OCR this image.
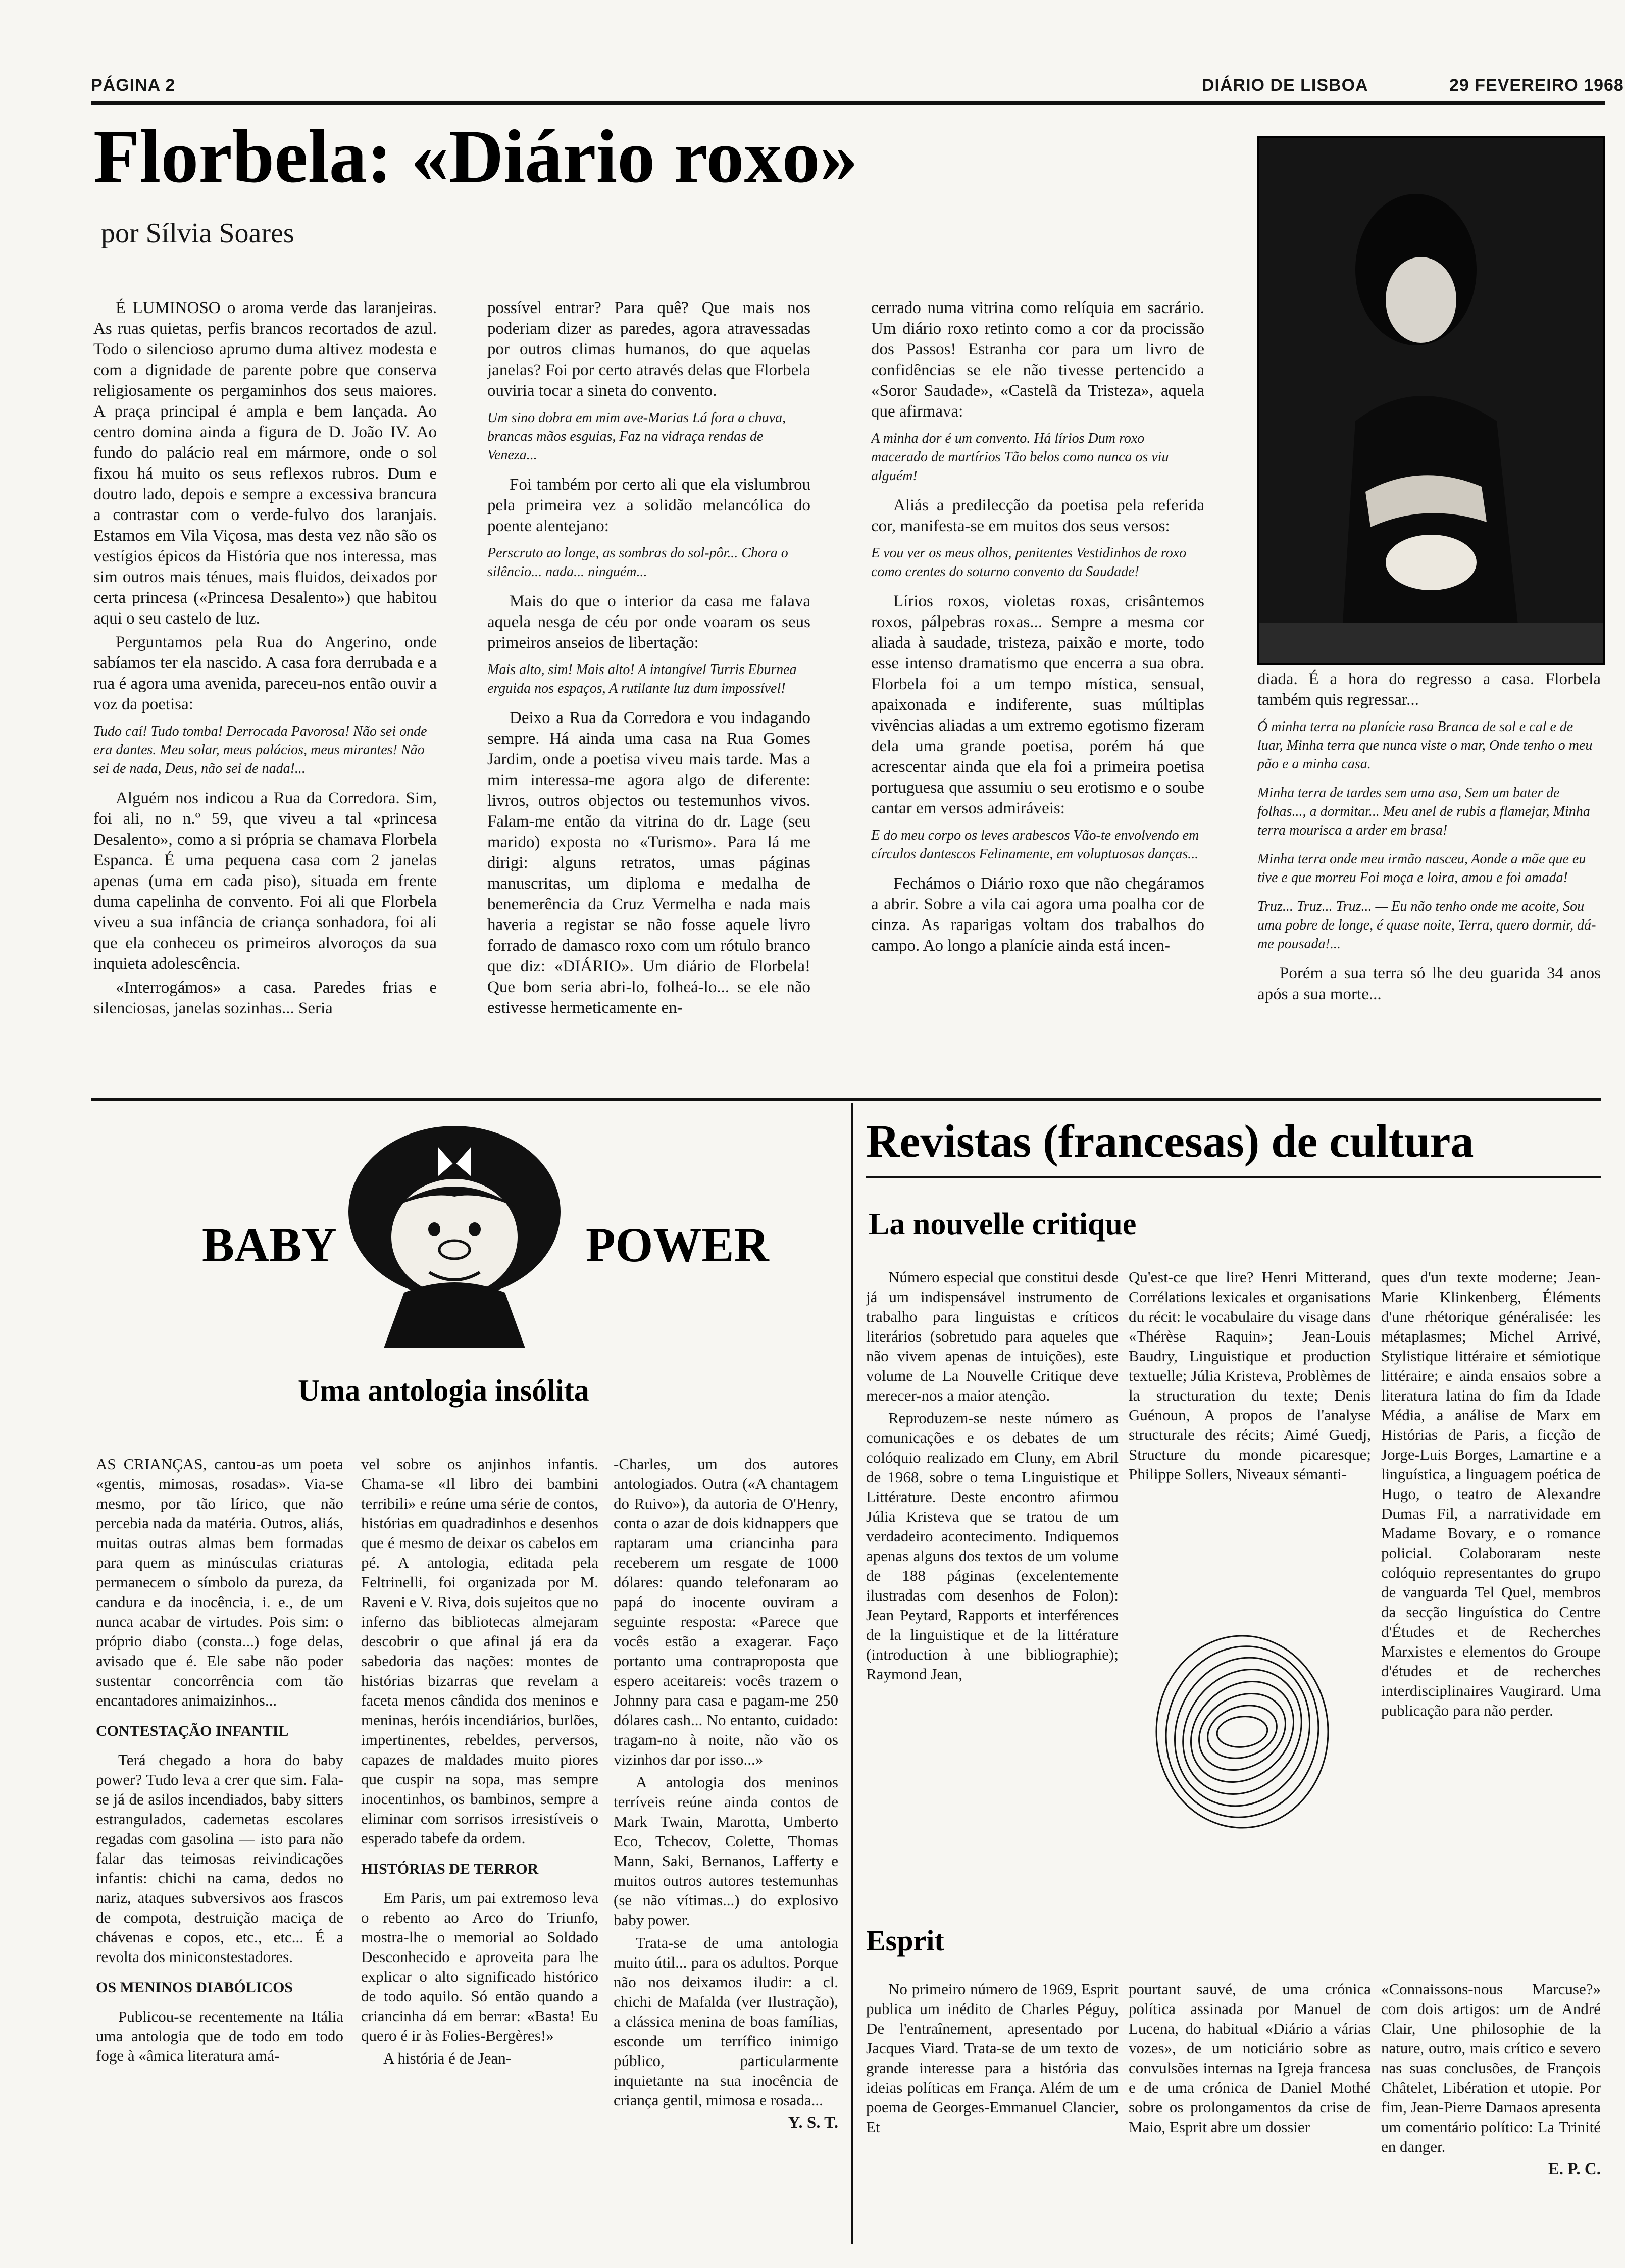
PÁGINA 2	DIÁRIO DE LISBOA	29 FEVEREIRO 1968
Florbela: «Diário roxo»
por Sílvia Soares

É LUMINOSO o aroma verde das laranjeiras. As ruas quietas, perfis brancos recortados de azul. Todo o silencioso aprumo duma altivez modesta e com a dignidade de parente pobre que conserva religiosamente os pergaminhos dos seus maiores. A praça principal é ampla e bem lançada. Ao centro domina ainda a figura de D. João IV. Ao fundo do palácio real em mármore, onde o sol fixou há muito os seus reflexos rubros. Dum e doutro lado, depois e sempre a excessiva brancura a contrastar com o verde-fulvo dos laranjais. Estamos em Vila Viçosa, mas desta vez não são os vestígios épicos da História que nos interessa, mas sim outros mais ténues, mais fluidos, deixados por certa princesa («Princesa Desalento») que habitou aqui o seu castelo de luz.

Perguntamos pela Rua do Angerino, onde sabíamos ter ela nascido. A casa fora derrubada e a rua é agora uma avenida, pareceu-nos então ouvir a voz da poetisa:

Tudo caí! Tudo tomba! Derrocada Pavorosa! Não sei onde era dantes. Meu solar, meus palácios, meus mirantes! Não sei de nada, Deus, não sei de nada!...

Alguém nos indicou a Rua da Corredora. Sim, foi ali, no n.º 59, que viveu a tal «princesa Desalento», como a si própria se chamava Florbela Espanca. É uma pequena casa com 2 janelas apenas (uma em cada piso), situada em frente duma capelinha de convento. Foi ali que Florbela viveu a sua infância de criança sonhadora, foi ali que ela conheceu os primeiros alvoroços da sua inquieta adolescência.

«Interrogámos» a casa. Paredes frias e silenciosas, janelas sozinhas... Seria

possível entrar? Para quê? Que mais nos poderiam dizer as paredes, agora atravessadas por outros climas humanos, do que aquelas janelas? Foi por certo através delas que Florbela ouviria tocar a sineta do convento.

Um sino dobra em mim ave-Marias Lá fora a chuva, brancas mãos esguias, Faz na vidraça rendas de Veneza...

Foi também por certo ali que ela vislumbrou pela primeira vez a solidão melancólica do poente alentejano:

Perscruto ao longe, as sombras do sol-pôr... Chora o silêncio... nada... ninguém...

Mais do que o interior da casa me falava aquela nesga de céu por onde voaram os seus primeiros anseios de libertação:

Mais alto, sim! Mais alto! A intangível Turris Eburnea erguida nos espaços, A rutilante luz dum impossível!

Deixo a Rua da Corredora e vou indagando sempre. Há ainda uma casa na Rua Gomes Jardim, onde a poetisa viveu mais tarde. Mas a mim interessa-me agora algo de diferente: livros, outros objectos ou testemunhos vivos. Falam-me então da vitrina do dr. Lage (seu marido) exposta no «Turismo». Para lá me dirigi: alguns retratos, umas páginas manuscritas, um diploma e medalha de benemerência da Cruz Vermelha e nada mais haveria a registar se não fosse aquele livro forrado de damasco roxo com um rótulo branco que diz: «DIÁRIO». Um diário de Florbela! Que bom seria abri-lo, folheá-lo... se ele não estivesse hermeticamente en-

cerrado numa vitrina como relíquia em sacrário. Um diário roxo retinto como a cor da procissão dos Passos! Estranha cor para um livro de confidências se ele não tivesse pertencido a «Soror Saudade», «Castelã da Tristeza», aquela que afirmava:

A minha dor é um convento. Há lírios Dum roxo macerado de martírios Tão belos como nunca os viu alguém!

Aliás a predilecção da poetisa pela referida cor, manifesta-se em muitos dos seus versos:

E vou ver os meus olhos, penitentes Vestidinhos de roxo como crentes do soturno convento da Saudade!

Lírios roxos, violetas roxas, crisântemos roxos, pálpebras roxas... Sempre a mesma cor aliada à saudade, tristeza, paixão e morte, todo esse intenso dramatismo que encerra a sua obra. Florbela foi a um tempo mística, sensual, apaixonada e indiferente, suas múltiplas vivências aliadas a um extremo egotismo fizeram dela uma grande poetisa, porém há que acrescentar ainda que ela foi a primeira poetisa portuguesa que assumiu o seu erotismo e o soube cantar em versos admiráveis:

E do meu corpo os leves arabescos Vão-te envolvendo em círculos dantescos Felinamente, em voluptuosas danças...

Fechámos o Diário roxo que não chegáramos a abrir. Sobre a vila cai agora uma poalha cor de cinza. As raparigas voltam dos trabalhos do campo. Ao longo a planície ainda está incen-

diada. É a hora do regresso a casa. Florbela também quis regressar...

Ó minha terra na planície rasa Branca de sol e cal e de luar, Minha terra que nunca viste o mar, Onde tenho o meu pão e a minha casa.

Minha terra de tardes sem uma asa, Sem um bater de folhas..., a dormitar... Meu anel de rubis a flamejar, Minha terra mourisca a arder em brasa!

Minha terra onde meu irmão nasceu, Aonde a mãe que eu tive e que morreu Foi moça e loira, amou e foi amada!

Truz... Truz... Truz... — Eu não tenho onde me acoite, Sou uma pobre de longe, é quase noite, Terra, quero dormir, dá-me pousada!...

Porém a sua terra só lhe deu guarida 34 anos após a sua morte...

BABY	POWER
Uma antologia insólita

AS CRIANÇAS, cantou-as um poeta «gentis, mimosas, rosadas». Via-se mesmo, por tão lírico, que não percebia nada da matéria. Outros, aliás, muitas outras almas bem formadas para quem as minúsculas criaturas permanecem o símbolo da pureza, da candura e da inocência, i. e., de um nunca acabar de virtudes. Pois sim: o próprio diabo (consta...) foge delas, avisado que é. Ele sabe não poder sustentar concorrência com tão encantadores animaizinhos...

CONTESTAÇÃO INFANTIL

Terá chegado a hora do baby power? Tudo leva a crer que sim. Fala-se já de asilos incendiados, baby sitters estrangulados, cadernetas escolares regadas com gasolina — isto para não falar das teimosas reivindicações infantis: chichi na cama, dedos no nariz, ataques subversivos aos frascos de compota, destruição maciça de chávenas e copos, etc., etc... É a revolta dos miniconstestadores.

OS MENINOS DIABÓLICOS

Publicou-se recentemente na Itália uma antologia que de todo em todo foge à «âmica literatura amá-

vel sobre os anjinhos infantis. Chama-se «Il libro dei bambini terribili» e reúne uma série de contos, histórias em quadradinhos e desenhos que é mesmo de deixar os cabelos em pé. A antologia, editada pela Feltrinelli, foi organizada por M. Raveni e V. Riva, dois sujeitos que no inferno das bibliotecas almejaram descobrir o que afinal já era da sabedoria das nações: montes de histórias bizarras que revelam a faceta menos cândida dos meninos e meninas, heróis incendiários, burlões, impertinentes, rebeldes, perversos, capazes de maldades muito piores que cuspir na sopa, mas sempre inocentinhos, os bambinos, sempre a eliminar com sorrisos irresistíveis o esperado tabefe da ordem.

HISTÓRIAS DE TERROR

Em Paris, um pai extremoso leva o rebento ao Arco do Triunfo, mostra-lhe o memorial ao Soldado Desconhecido e aproveita para lhe explicar o alto significado histórico de todo aquilo. Só então quando a criancinha dá em berrar: «Basta! Eu quero é ir às Folies-Bergères!»

A história é de Jean-

-Charles, um dos autores antologiados. Outra («A chantagem do Ruivo»), da autoria de O'Henry, conta o azar de dois kidnappers que raptaram uma criancinha para receberem um resgate de 1000 dólares: quando telefonaram ao papá do inocente ouviram a seguinte resposta: «Parece que vocês estão a exagerar. Faço portanto uma contraproposta que espero aceitareis: vocês trazem o Johnny para casa e pagam-me 250 dólares cash... No entanto, cuidado: tragam-no à noite, não vão os vizinhos dar por isso...»

A antologia dos meninos terríveis reúne ainda contos de Mark Twain, Marotta, Umberto Eco, Tchecov, Colette, Thomas Mann, Saki, Bernanos, Lafferty e muitos outros autores testemunhas (se não vítimas...) do explosivo baby power.

Trata-se de uma antologia muito útil... para os adultos. Porque não nos deixamos iludir: a cl. chichi de Mafalda (ver Ilustração), a clássica menina de boas famílias, esconde um terrífico inimigo público, particularmente inquietante na sua inocência de criança gentil, mimosa e rosada...

Y. S. T.

Revistas (francesas) de cultura
La nouvelle critique

Número especial que constitui desde já um indispensável instrumento de trabalho para linguistas e críticos literários (sobretudo para aqueles que não vivem apenas de intuições), este volume de La Nouvelle Critique deve merecer-nos a maior atenção.

Reproduzem-se neste número as comunicações e os debates de um colóquio realizado em Cluny, em Abril de 1968, sobre o tema Linguistique et Littérature. Deste encontro afirmou Júlia Kristeva que se tratou de um verdadeiro acontecimento. Indiquemos apenas alguns dos textos de um volume de 188 páginas (excelentemente ilustradas com desenhos de Folon): Jean Peytard, Rapports et interférences de la linguistique et de la littérature (introduction à une bibliographie); Raymond Jean,

Qu'est-ce que lire? Henri Mitterand, Corrélations lexicales et organisations du récit: le vocabulaire du visage dans «Thérèse Raquin»; Jean-Louis Baudry, Linguistique et production textuelle; Júlia Kristeva, Problèmes de la structuration du texte; Denis Guénoun, A propos de l'analyse structurale des récits; Aimé Guedj, Structure du monde picaresque; Philippe Sollers, Niveaux sémanti-

ques d'un texte moderne; Jean-Marie Klinkenberg, Éléments d'une rhétorique généralisée: les métaplasmes; Michel Arrivé, Stylistique littéraire et sémiotique littéraire; e ainda ensaios sobre a literatura latina do fim da Idade Média, a análise de Marx em Histórias de Paris, a ficção de Jorge-Luis Borges, Lamartine e a linguística, a linguagem poética de Hugo, o teatro de Alexandre Dumas Fil, a narratividade em Madame Bovary, e o romance policial. Colaboraram neste colóquio representantes do grupo de vanguarda Tel Quel, membros da secção linguística do Centre d'Études et de Recherches Marxistes e elementos do Groupe d'études et de recherches interdisciplinaires Vaugirard. Uma publicação para não perder.

Esprit

No primeiro número de 1969, Esprit publica um inédito de Charles Péguy, De l'entraînement, apresentado por Jacques Viard. Trata-se de um texto de grande interesse para a história das ideias políticas em França. Além de um poema de Georges-Emmanuel Clancier, Et

pourtant sauvé, de uma crónica política assinada por Manuel de Lucena, do habitual «Diário a várias vozes», de um noticiário sobre as convulsões internas na Igreja francesa e de uma crónica de Daniel Mothé sobre os prolongamentos da crise de Maio, Esprit abre um dossier

«Connaissons-nous Marcuse?» com dois artigos: um de André Clair, Une philosophie de la nature, outro, mais crítico e severo nas suas conclusões, de François Châtelet, Libération et utopie. Por fim, Jean-Pierre Darnaos apresenta um comentário político: La Trinité en danger.

E. P. C.
